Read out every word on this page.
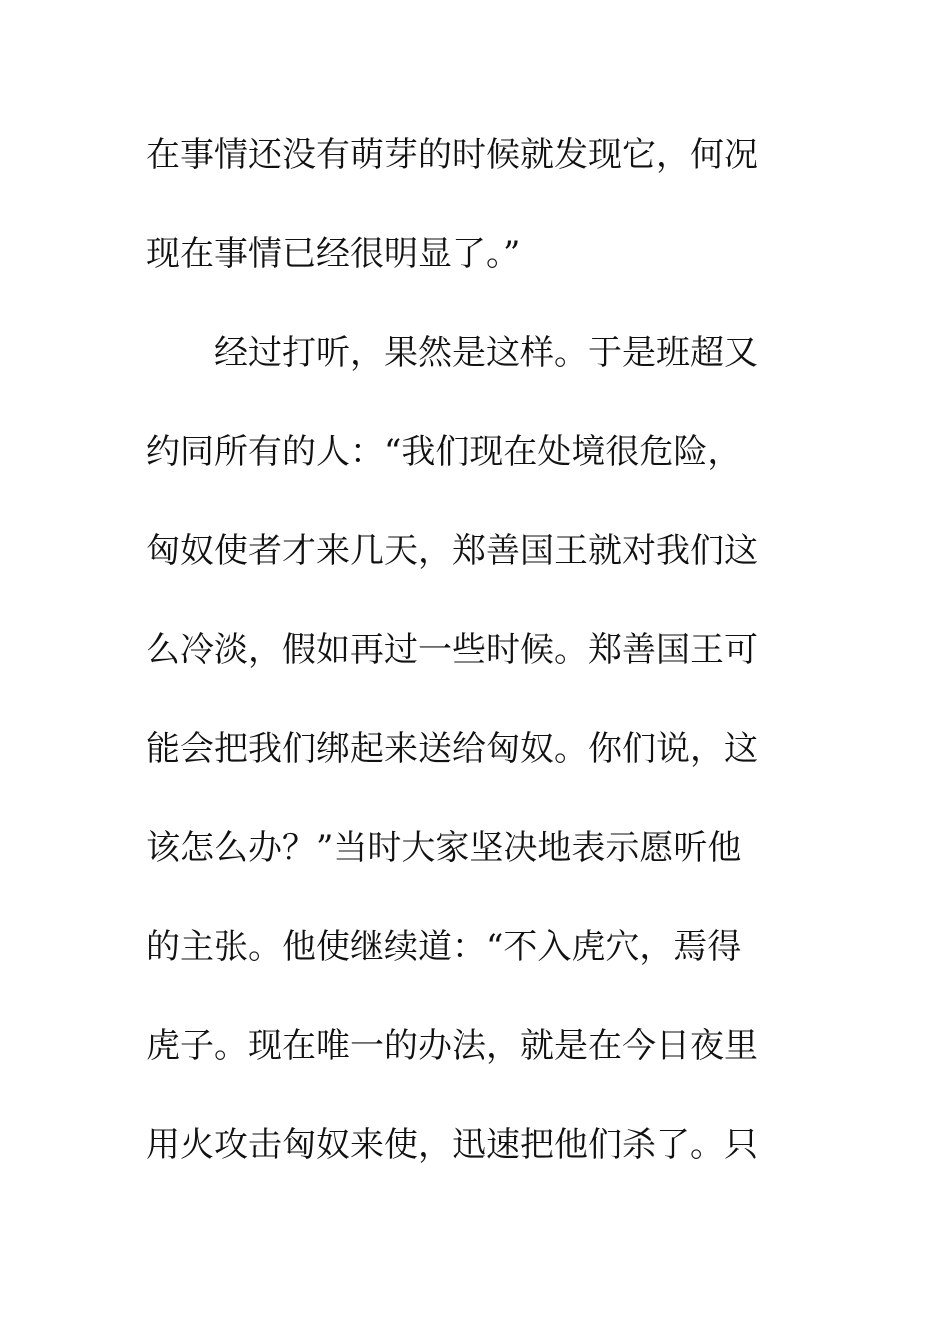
在事情还没有萌芽的时候就发现它，何况
现在事情已经很明显了。”
　　经过打听，果然是这样。于是班超又
约同所有的人：“我们现在处境很危险，
匈奴使者才来几天，郑善国王就对我们这
么冷淡，假如再过一些时候。郑善国王可
能会把我们绑起来送给匈奴。你们说，这
该怎么办？”当时大家坚决地表示愿听他
的主张。他使继续道：“不入虎穴，焉得
虎子。现在唯一的办法，就是在今日夜里
用火攻击匈奴来使，迅速把他们杀了。只
